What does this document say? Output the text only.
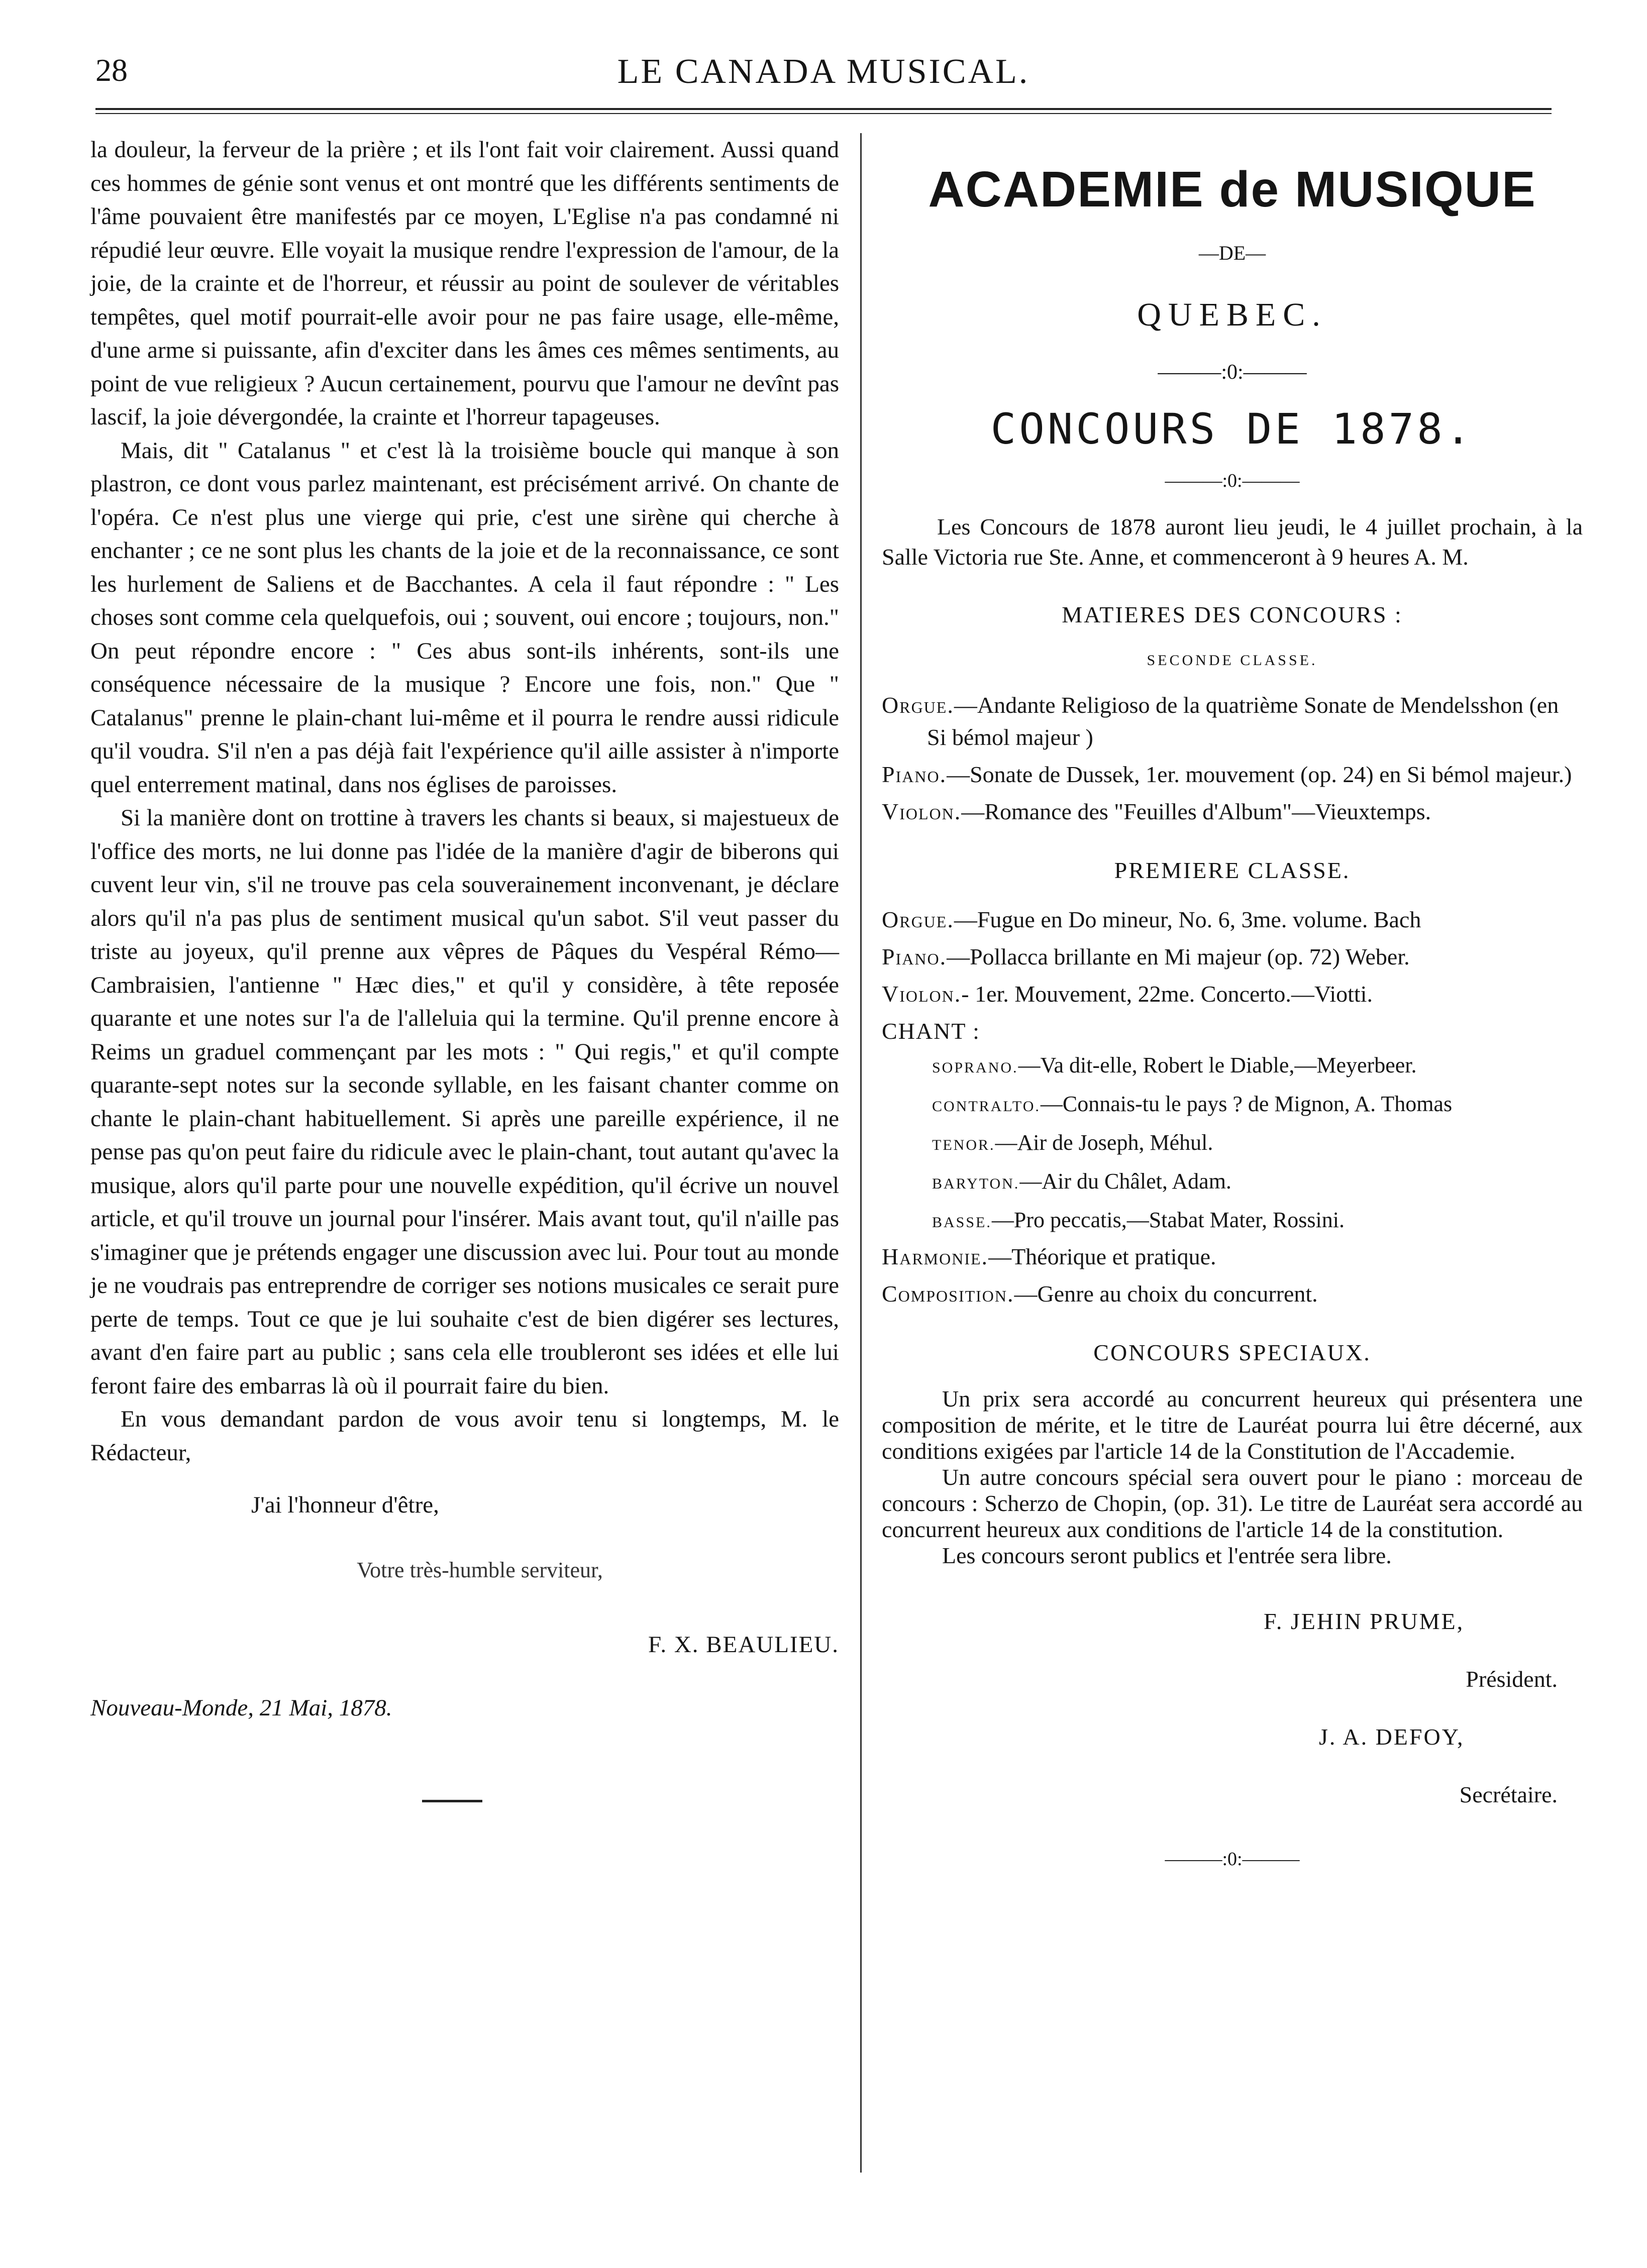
28	LE CANADA MUSICAL.

la douleur, la ferveur de la prière ; et ils l'ont fait voir clairement. Aussi quand ces hommes de génie sont venus et ont montré que les différents sentiments de l'âme pouvaient être manifestés par ce moyen, L'Eglise n'a pas condamné ni répudié leur œuvre. Elle voyait la musique rendre l'expression de l'amour, de la joie, de la crainte et de l'horreur, et réussir au point de soulever de véritables tempêtes, quel motif pourrait-elle avoir pour ne pas faire usage, elle-même, d'une arme si puissante, afin d'exciter dans les âmes ces mêmes sentiments, au point de vue religieux ? Aucun certainement, pourvu que l'amour ne devînt pas lascif, la joie dévergondée, la crainte et l'horreur tapageuses.

Mais, dit " Catalanus " et c'est là la troisième boucle qui manque à son plastron, ce dont vous parlez maintenant, est précisément arrivé. On chante de l'opéra. Ce n'est plus une vierge qui prie, c'est une sirène qui cherche à enchanter ; ce ne sont plus les chants de la joie et de la reconnaissance, ce sont les hurlement de Saliens et de Bacchantes. A cela il faut répondre : " Les choses sont comme cela quelquefois, oui ; souvent, oui encore ; toujours, non." On peut répondre encore : " Ces abus sont-ils inhérents, sont-ils une conséquence nécessaire de la musique ? Encore une fois, non." Que " Catalanus" prenne le plain-chant lui-même et il pourra le rendre aussi ridicule qu'il voudra. S'il n'en a pas déjà fait l'expérience qu'il aille assister à n'importe quel enterrement matinal, dans nos églises de paroisses.

Si la manière dont on trottine à travers les chants si beaux, si majestueux de l'office des morts, ne lui donne pas l'idée de la manière d'agir de biberons qui cuvent leur vin, s'il ne trouve pas cela souverainement inconvenant, je déclare alors qu'il n'a pas plus de sentiment musical qu'un sabot. S'il veut passer du triste au joyeux, qu'il prenne aux vêpres de Pâques du Vespéral Rémo—Cambraisien, l'antienne " Hæc dies," et qu'il y considère, à tête reposée quarante et une notes sur l'a de l'alleluia qui la termine. Qu'il prenne encore à Reims un graduel commençant par les mots : " Qui regis," et qu'il compte quarante-sept notes sur la seconde syllable, en les faisant chanter comme on chante le plain-chant habituellement. Si après une pareille expérience, il ne pense pas qu'on peut faire du ridicule avec le plain-chant, tout autant qu'avec la musique, alors qu'il parte pour une nouvelle expédition, qu'il écrive un nouvel article, et qu'il trouve un journal pour l'insérer. Mais avant tout, qu'il n'aille pas s'imaginer que je prétends engager une discussion avec lui. Pour tout au monde je ne voudrais pas entreprendre de corriger ses notions musicales ce serait pure perte de temps. Tout ce que je lui souhaite c'est de bien digérer ses lectures, avant d'en faire part au public ; sans cela elle troubleront ses idées et elle lui feront faire des embarras là où il pourrait faire du bien.

En vous demandant pardon de vous avoir tenu si longtemps, M. le Rédacteur,

J'ai l'honneur d'être,

Votre très-humble serviteur,

F. X. BEAULIEU.

Nouveau-Monde, 21 Mai, 1878.

ACADEMIE de MUSIQUE
—DE—
QUEBEC.
———:0:———
CONCOURS DE 1878.
———:0:———

Les Concours de 1878 auront lieu jeudi, le 4 juillet prochain, à la Salle Victoria rue Ste. Anne, et commenceront à 9 heures A. M.

MATIERES DES CONCOURS :
SECONDE CLASSE.

Orgue.—Andante Religioso de la quatrième Sonate de Mendelsshon (en Si bémol majeur )

Piano.—Sonate de Dussek, 1er. mouvement (op. 24) en Si bémol majeur.)

Violon.—Romance des "Feuilles d'Album"—Vieuxtemps.

PREMIERE CLASSE.

Orgue.—Fugue en Do mineur, No. 6, 3me. volume. Bach

Piano.—Pollacca brillante en Mi majeur (op. 72) Weber.

Violon.- 1er. Mouvement, 22me. Concerto.—Viotti.

CHANT :

SOPRANO.—Va dit-elle, Robert le Diable,—Meyerbeer.

CONTRALTO.—Connais-tu le pays ? de Mignon, A. Thomas

TENOR.—Air de Joseph, Méhul.

BARYTON.—Air du Châlet, Adam.

BASSE.—Pro peccatis,—Stabat Mater, Rossini.

Harmonie.—Théorique et pratique.

Composition.—Genre au choix du concurrent.

CONCOURS SPECIAUX.

Un prix sera accordé au concurrent heureux qui présentera une composition de mérite, et le titre de Lauréat pourra lui être décerné, aux conditions exigées par l'article 14 de la Constitution de l'Accademie.

Un autre concours spécial sera ouvert pour le piano : morceau de concours : Scherzo de Chopin, (op. 31). Le titre de Lauréat sera accordé au concurrent heureux aux conditions de l'article 14 de la constitution.

Les concours seront publics et l'entrée sera libre.

F. JEHIN PRUME,
Président.
J. A. DEFOY,
Secrétaire.
———:0:———
